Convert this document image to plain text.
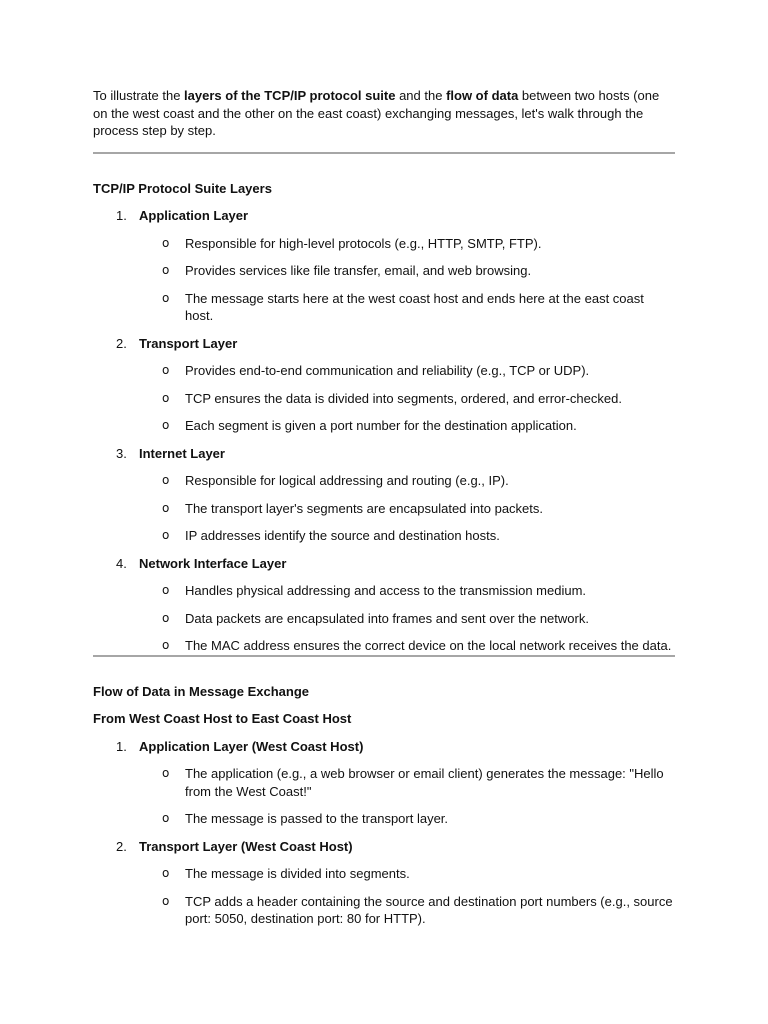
To illustrate the layers of the TCP/IP protocol suite and the flow of data between two hosts (one on the west coast and the other on the east coast) exchanging messages, let's walk through the process step by step.

TCP/IP Protocol Suite Layers

1. Application Layer
o Responsible for high-level protocols (e.g., HTTP, SMTP, FTP).
o Provides services like file transfer, email, and web browsing.
o The message starts here at the west coast host and ends here at the east coast host.
2. Transport Layer
o Provides end-to-end communication and reliability (e.g., TCP or UDP).
o TCP ensures the data is divided into segments, ordered, and error-checked.
o Each segment is given a port number for the destination application.
3. Internet Layer
o Responsible for logical addressing and routing (e.g., IP).
o The transport layer's segments are encapsulated into packets.
o IP addresses identify the source and destination hosts.
4. Network Interface Layer
o Handles physical addressing and access to the transmission medium.
o Data packets are encapsulated into frames and sent over the network.
o The MAC address ensures the correct device on the local network receives the data.

Flow of Data in Message Exchange

From West Coast Host to East Coast Host

1. Application Layer (West Coast Host)
o The application (e.g., a web browser or email client) generates the message: "Hello from the West Coast!"
o The message is passed to the transport layer.
2. Transport Layer (West Coast Host)
o The message is divided into segments.
o TCP adds a header containing the source and destination port numbers (e.g., source port: 5050, destination port: 80 for HTTP).
